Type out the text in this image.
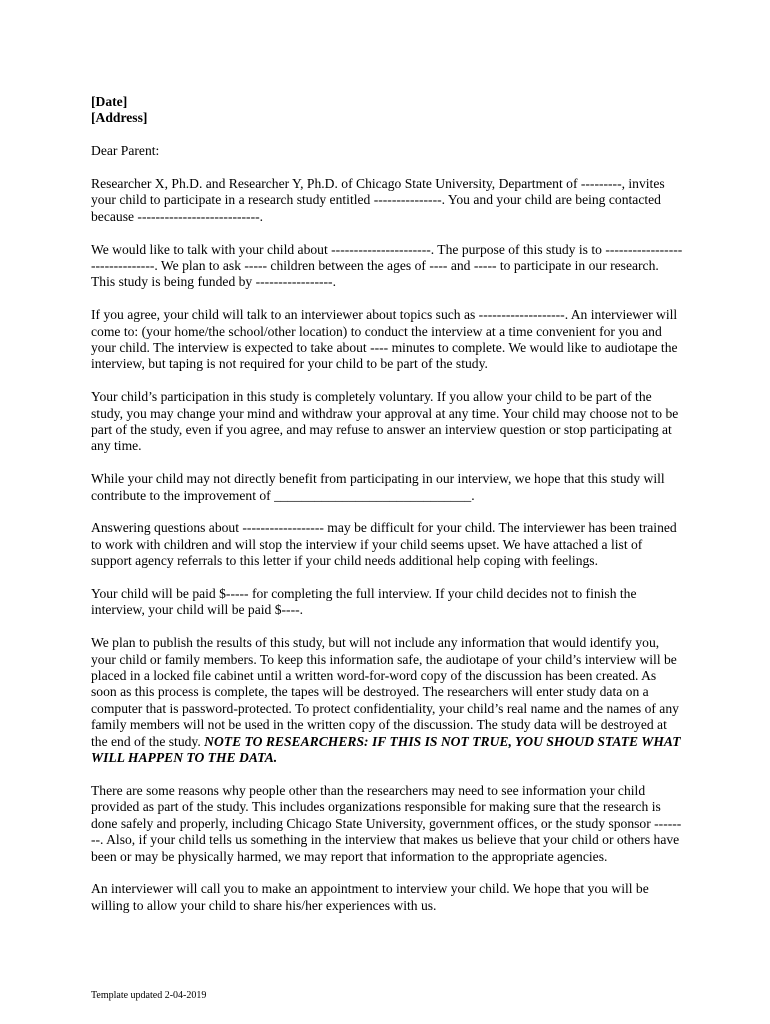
[Date]
[Address]

Dear Parent:

Researcher X, Ph.D. and Researcher Y, Ph.D. of Chicago State University, Department of ---------, invites your child to participate in a research study entitled ---------------. You and your child are being contacted because ---------------------------.

We would like to talk with your child about ----------------------. The purpose of this study is to -------------------------------. We plan to ask ----- children between the ages of ---- and ----- to participate in our research. This study is being funded by -----------------.

If you agree, your child will talk to an interviewer about topics such as -------------------. An interviewer will come to: (your home/the school/other location) to conduct the interview at a time convenient for you and your child. The interview is expected to take about ---- minutes to complete. We would like to audiotape the interview, but taping is not required for your child to be part of the study.

Your child’s participation in this study is completely voluntary. If you allow your child to be part of the study, you may change your mind and withdraw your approval at any time. Your child may choose not to be part of the study, even if you agree, and may refuse to answer an interview question or stop participating at any time.

While your child may not directly benefit from participating in our interview, we hope that this study will contribute to the improvement of _____________________________.

Answering questions about ------------------ may be difficult for your child. The interviewer has been trained to work with children and will stop the interview if your child seems upset. We have attached a list of support agency referrals to this letter if your child needs additional help coping with feelings.

Your child will be paid $----- for completing the full interview. If your child decides not to finish the interview, your child will be paid $----.

We plan to publish the results of this study, but will not include any information that would identify you, your child or family members. To keep this information safe, the audiotape of your child’s interview will be placed in a locked file cabinet until a written word-for-word copy of the discussion has been created. As soon as this process is complete, the tapes will be destroyed. The researchers will enter study data on a computer that is password-protected. To protect confidentiality, your child’s real name and the names of any family members will not be used in the written copy of the discussion. The study data will be destroyed at the end of the study. NOTE TO RESEARCHERS: IF THIS IS NOT TRUE, YOU SHOUD STATE WHAT WILL HAPPEN TO THE DATA.

There are some reasons why people other than the researchers may need to see information your child provided as part of the study. This includes organizations responsible for making sure that the research is done safely and properly, including Chicago State University, government offices, or the study sponsor --------. Also, if your child tells us something in the interview that makes us believe that your child or others have been or may be physically harmed, we may report that information to the appropriate agencies.

An interviewer will call you to make an appointment to interview your child. We hope that you will be willing to allow your child to share his/her experiences with us.

Template updated 2-04-2019
